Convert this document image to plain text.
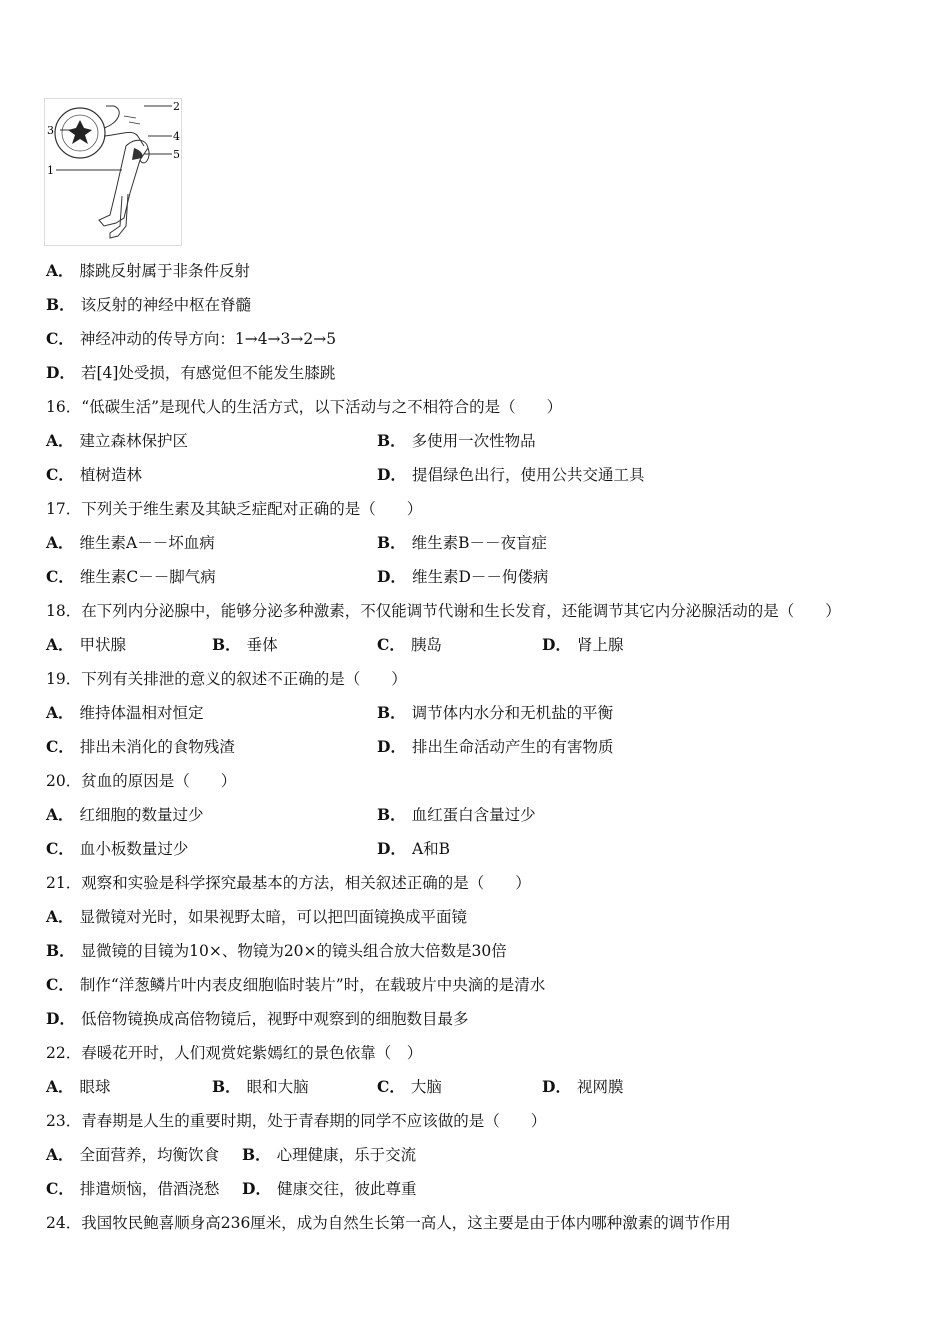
2
4
5
3
1
A． 膝跳反射属于非条件反射
B． 该反射的神经中枢在脊髓
C． 神经冲动的传导方向：1→4→3→2→5
D． 若[4]处受损，有感觉但不能发生膝跳
16．“低碳生活”是现代人的生活方式，以下活动与之不相符合的是（　　）
A． 建立森林保护区	B． 多使用一次性物品
C． 植树造林	D． 提倡绿色出行，使用公共交通工具
17．下列关于维生素及其缺乏症配对正确的是（　　）
A． 维生素A－－坏血病	B． 维生素B－－夜盲症
C． 维生素C－－脚气病	D． 维生素D－－佝偻病
18．在下列内分泌腺中，能够分泌多种激素，不仅能调节代谢和生长发育，还能调节其它内分泌腺活动的是（　　）
A． 甲状腺	B． 垂体	C． 胰岛	D． 肾上腺
19．下列有关排泄的意义的叙述不正确的是（　　）
A． 维持体温相对恒定	B． 调节体内水分和无机盐的平衡
C． 排出未消化的食物残渣	D． 排出生命活动产生的有害物质
20．贫血的原因是（　　）
A． 红细胞的数量过少	B． 血红蛋白含量过少
C． 血小板数量过少	D． A和B
21．观察和实验是科学探究最基本的方法，相关叙述正确的是（　　）
A． 显微镜对光时，如果视野太暗，可以把凹面镜换成平面镜
B． 显微镜的目镜为10×、物镜为20×的镜头组合放大倍数是30倍
C． 制作“洋葱鳞片叶内表皮细胞临时装片”时，在载玻片中央滴的是清水
D． 低倍物镜换成高倍物镜后，视野中观察到的细胞数目最多
22．春暖花开时，人们观赏姹紫嫣红的景色依靠（　）
A． 眼球	B． 眼和大脑	C． 大脑	D． 视网膜
23．青春期是人生的重要时期，处于青春期的同学不应该做的是（　　）
A． 全面营养，均衡饮食 B． 心理健康，乐于交流
C． 排遣烦恼，借酒浇愁 D． 健康交往，彼此尊重
24．我国牧民鲍喜顺身高236厘米，成为自然生长第一高人，这主要是由于体内哪种激素的调节作用
